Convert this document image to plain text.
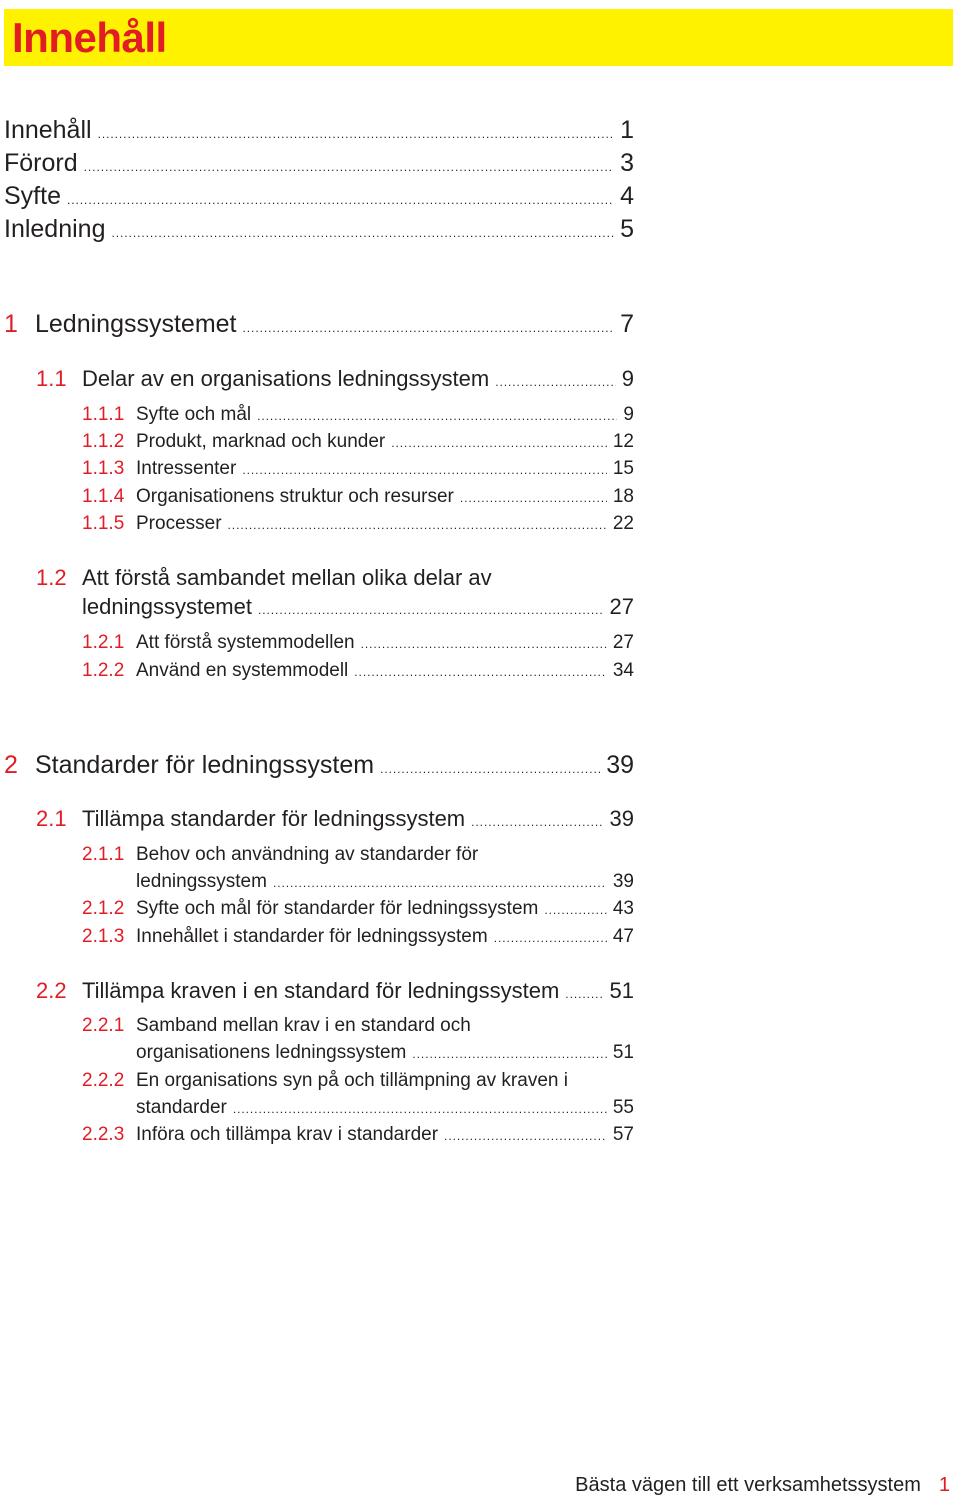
Innehåll
Innehåll . . .	1
Förord . . .	3
Syfte . . .	4
Inledning . . .	5
1 Ledningssystemet . . .	7
1.1 Delar av en organisations ledningssystem . . .	9
1.1.1 Syfte och mål . . .	9
1.1.2 Produkt, marknad och kunder . . .	12
1.1.3 Intressenter . . .	15
1.1.4 Organisationens struktur och resurser . . .	18
1.1.5 Processer . . .	22
1.2 Att förstå sambandet mellan olika delar av
ledningssystemet . . .	27
1.2.1 Att förstå systemmodellen . . .	27
1.2.2 Använd en systemmodell . . .	34
2 Standarder för ledningssystem . . .	39
2.1 Tillämpa standarder för ledningssystem . . .	39
2.1.1 Behov och användning av standarder för
ledningssystem . . .	39
2.1.2 Syfte och mål för standarder för ledningssystem . . .	43
2.1.3 Innehållet i standarder för ledningssystem . . .	47
2.2 Tillämpa kraven i en standard för ledningssystem . . . 51
2.2.1 Samband mellan krav i en standard och
organisationens ledningssystem . . .	51
2.2.2 En organisations syn på och tillämpning av kraven i
standarder . . .	55
2.2.3 Införa och tillämpa krav i standarder . . .	57
Bästa vägen till ett verksamhetssystem 1
